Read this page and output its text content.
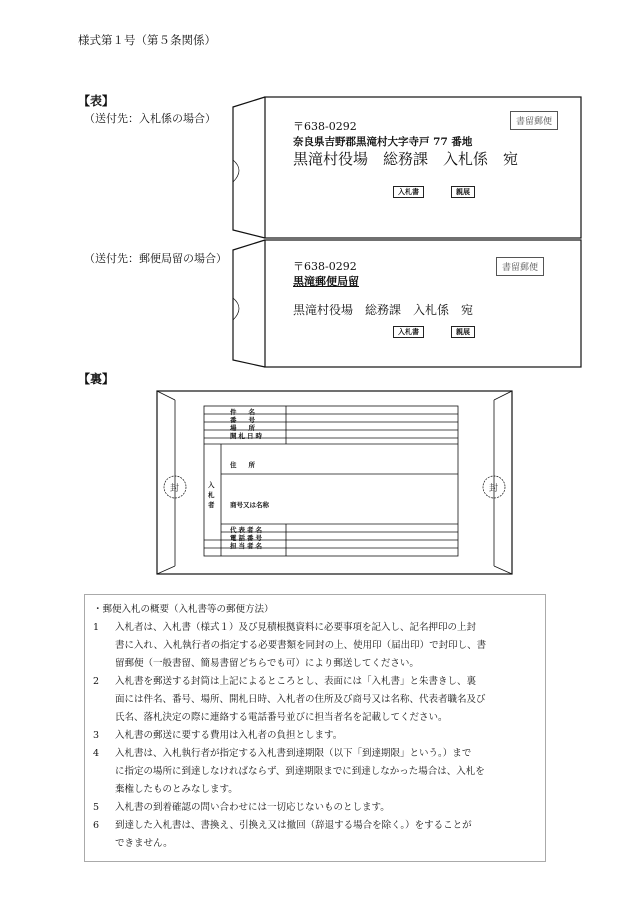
様式第１号（第５条関係）
【表】
【裏】
（送付先：入札係の場合）
〒638-0292
奈良県吉野郡黒滝村大字寺戸 77 番地
黒滝村役場　総務課　入札係　宛
書留郵便
入札書	親展
（送付先：郵便局留の場合）
〒638-0292
黒滝郵便局留
黒滝村役場　総務課　入札係　宛
書留郵便
入札書	親展
封	封
件名
番号
場所
開札日時
入札者
住所
商号又は名称
代表者名
電話番号
担当者名
・郵便入札の概要（入札書等の郵便方法）
1 入札者は、入札書（様式１）及び見積根拠資料に必要事項を記入し、記名押印の上封
書に入れ、入札執行者の指定する必要書類を同封の上、使用印（届出印）で封印し、書
留郵便（一般書留、簡易書留どちらでも可）により郵送してください。
2 入札書を郵送する封筒は上記によるところとし、表面には「入札書」と朱書きし、裏
面には件名、番号、場所、開札日時、入札者の住所及び商号又は名称、代表者職名及び
氏名、落札決定の際に連絡する電話番号並びに担当者名を記載してください。
3 入札書の郵送に要する費用は入札者の負担とします。
4 入札書は、入札執行者が指定する入札書到達期限（以下「到達期限」という。）まで
に指定の場所に到達しなければならず、到達期限までに到達しなかった場合は、入札を
棄権したものとみなします。
5 入札書の到着確認の問い合わせには一切応じないものとします。
6 到達した入札書は、書換え、引換え又は撤回（辞退する場合を除く。）をすることが
できません。
